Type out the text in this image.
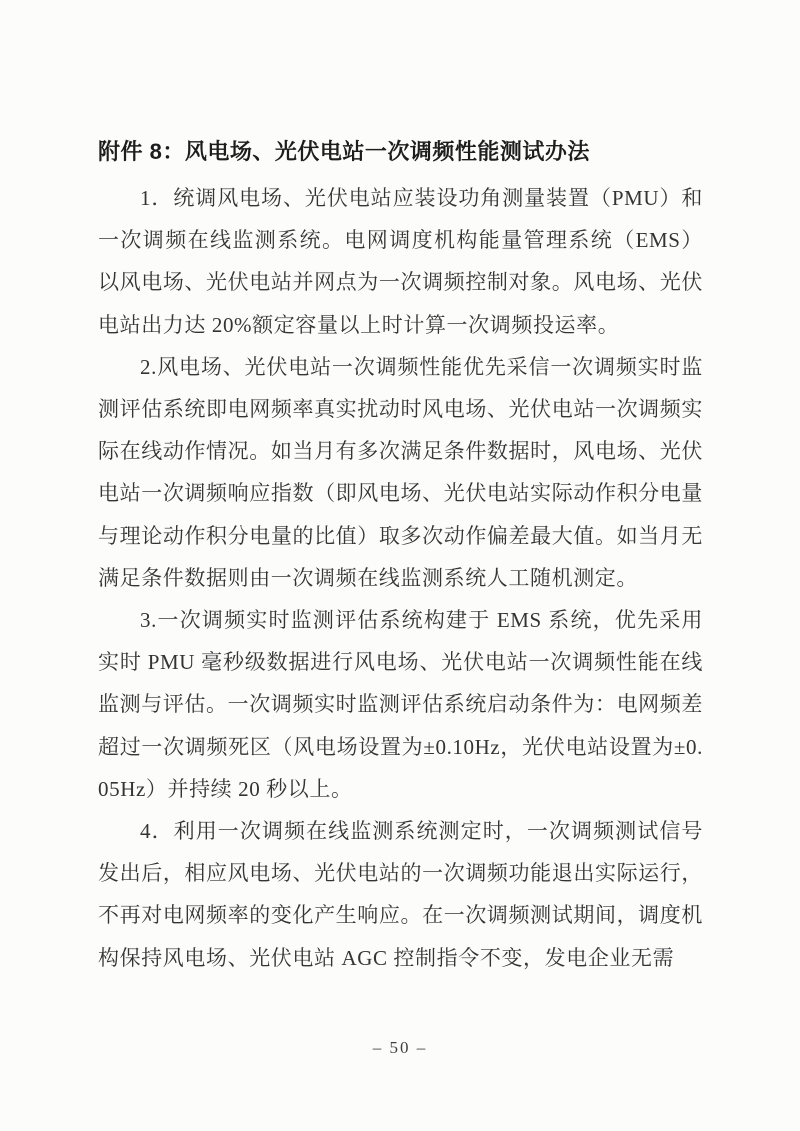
附件 8：风电场、光伏电站一次调频性能测试办法

1．统调风电场、光伏电站应装设功角测量装置（PMU）和一次调频在线监测系统。电网调度机构能量管理系统（EMS）以风电场、光伏电站并网点为一次调频控制对象。风电场、光伏电站出力达 20%额定容量以上时计算一次调频投运率。

2.风电场、光伏电站一次调频性能优先采信一次调频实时监测评估系统即电网频率真实扰动时风电场、光伏电站一次调频实际在线动作情况。如当月有多次满足条件数据时，风电场、光伏电站一次调频响应指数（即风电场、光伏电站实际动作积分电量与理论动作积分电量的比值）取多次动作偏差最大值。如当月无满足条件数据则由一次调频在线监测系统人工随机测定。

3.一次调频实时监测评估系统构建于 EMS 系统，优先采用实时 PMU 毫秒级数据进行风电场、光伏电站一次调频性能在线监测与评估。一次调频实时监测评估系统启动条件为：电网频差超过一次调频死区（风电场设置为±0.10Hz，光伏电站设置为±0.05Hz）并持续 20 秒以上。

4．利用一次调频在线监测系统测定时，一次调频测试信号发出后，相应风电场、光伏电站的一次调频功能退出实际运行，不再对电网频率的变化产生响应。在一次调频测试期间，调度机构保持风电场、光伏电站 AGC 控制指令不变，发电企业无需

– 50 –
